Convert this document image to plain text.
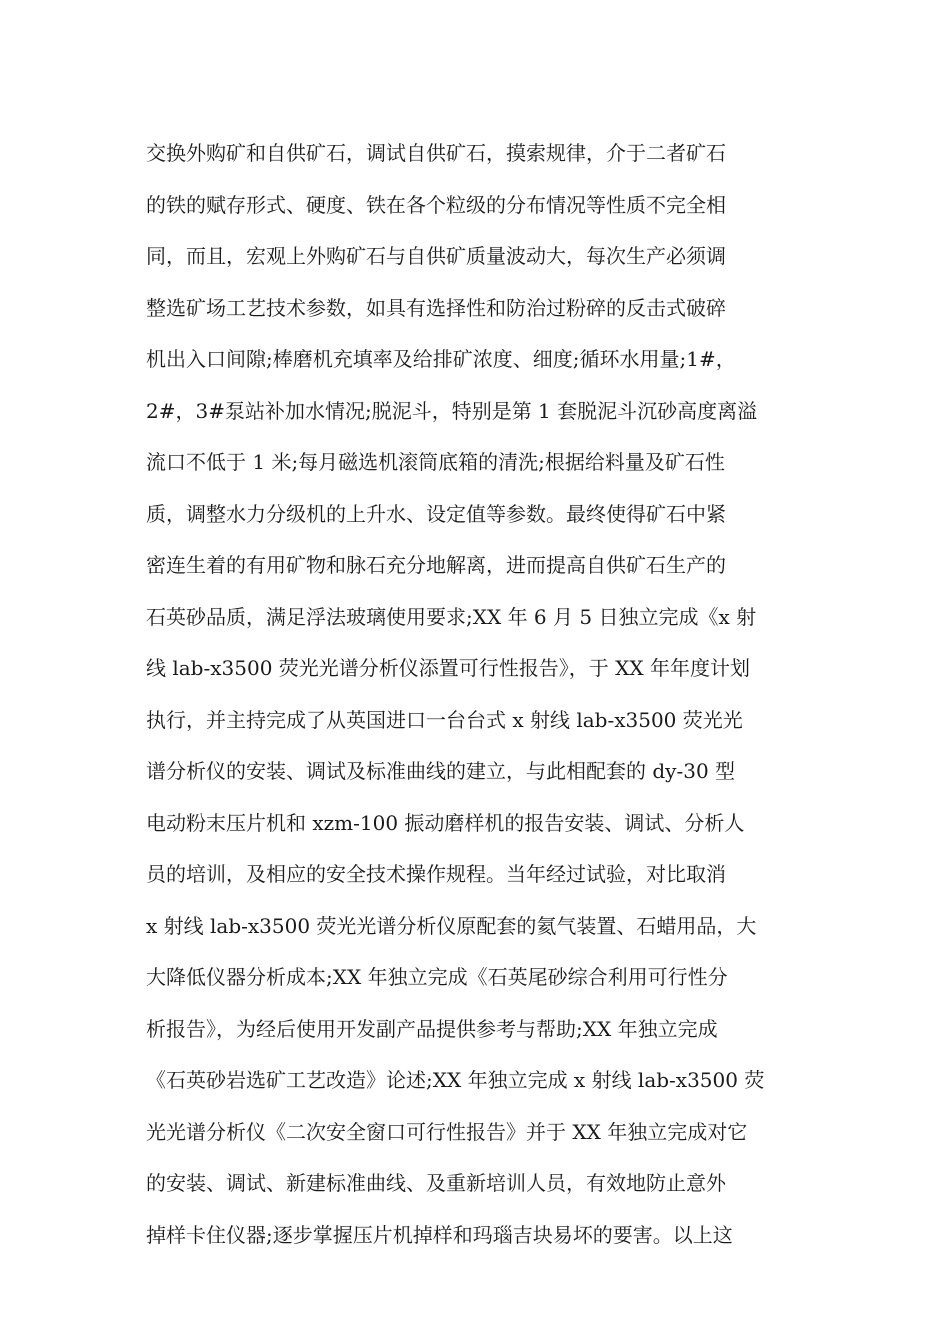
交换外购矿和自供矿石，调试自供矿石，摸索规律，介于二者矿石
的铁的赋存形式、硬度、铁在各个粒级的分布情况等性质不完全相
同，而且，宏观上外购矿石与自供矿质量波动大，每次生产必须调
整选矿场工艺技术参数，如具有选择性和防治过粉碎的反击式破碎
机出入口间隙;棒磨机充填率及给排矿浓度、细度;循环水用量;1#，
2#，3#泵站补加水情况;脱泥斗，特别是第 1 套脱泥斗沉砂高度离溢
流口不低于 1 米;每月磁选机滚筒底箱的清洗;根据给料量及矿石性
质，调整水力分级机的上升水、设定值等参数。最终使得矿石中紧
密连生着的有用矿物和脉石充分地解离，进而提高自供矿石生产的
石英砂品质，满足浮法玻璃使用要求;XX 年 6 月 5 日独立完成《x 射
线 lab-x3500 荧光光谱分析仪添置可行性报告》，于 XX 年年度计划
执行，并主持完成了从英国进口一台台式 x 射线 lab-x3500 荧光光
谱分析仪的安装、调试及标准曲线的建立，与此相配套的 dy-30 型
电动粉末压片机和 xzm-100 振动磨样机的报告安装、调试、分析人
员的培训，及相应的安全技术操作规程。当年经过试验，对比取消
x 射线 lab-x3500 荧光光谱分析仪原配套的氦气装置、石蜡用品，大
大降低仪器分析成本;XX 年独立完成《石英尾砂综合利用可行性分
析报告》，为经后使用开发副产品提供参考与帮助;XX 年独立完成
《石英砂岩选矿工艺改造》论述;XX 年独立完成 x 射线 lab-x3500 荧
光光谱分析仪《二次安全窗口可行性报告》并于 XX 年独立完成对它
的安装、调试、新建标准曲线、及重新培训人员，有效地防止意外
掉样卡住仪器;逐步掌握压片机掉样和玛瑙吉块易坏的要害。以上这
